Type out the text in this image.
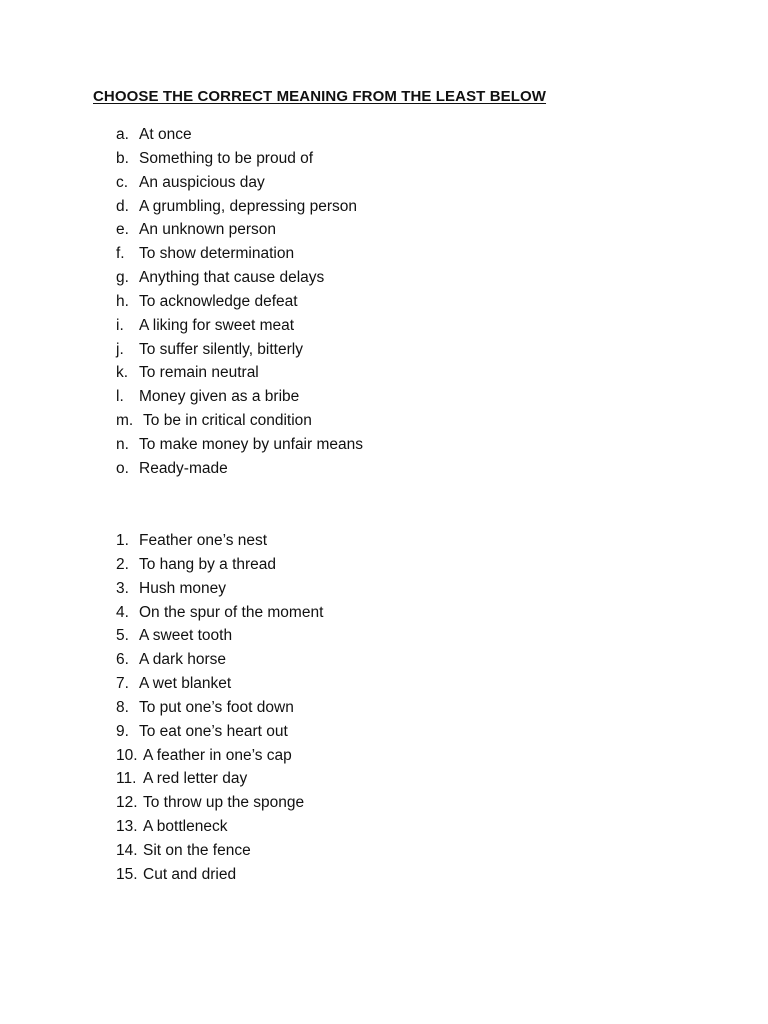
CHOOSE THE CORRECT MEANING FROM THE LEAST BELOW
a. At once
b. Something to be proud of
c. An auspicious day
d. A grumbling, depressing person
e. An unknown person
f. To show determination
g. Anything that cause delays
h. To acknowledge defeat
i. A liking for sweet meat
j. To suffer silently, bitterly
k. To remain neutral
l. Money given as a bribe
m. To be in critical condition
n. To make money by unfair means
o. Ready-made
1. Feather one’s nest
2. To hang by a thread
3. Hush money
4. On the spur of the moment
5. A sweet tooth
6. A dark horse
7. A wet blanket
8. To put one’s foot down
9. To eat one’s heart out
10. A feather in one’s cap
11. A red letter day
12. To throw up the sponge
13. A bottleneck
14. Sit on the fence
15. Cut and dried
